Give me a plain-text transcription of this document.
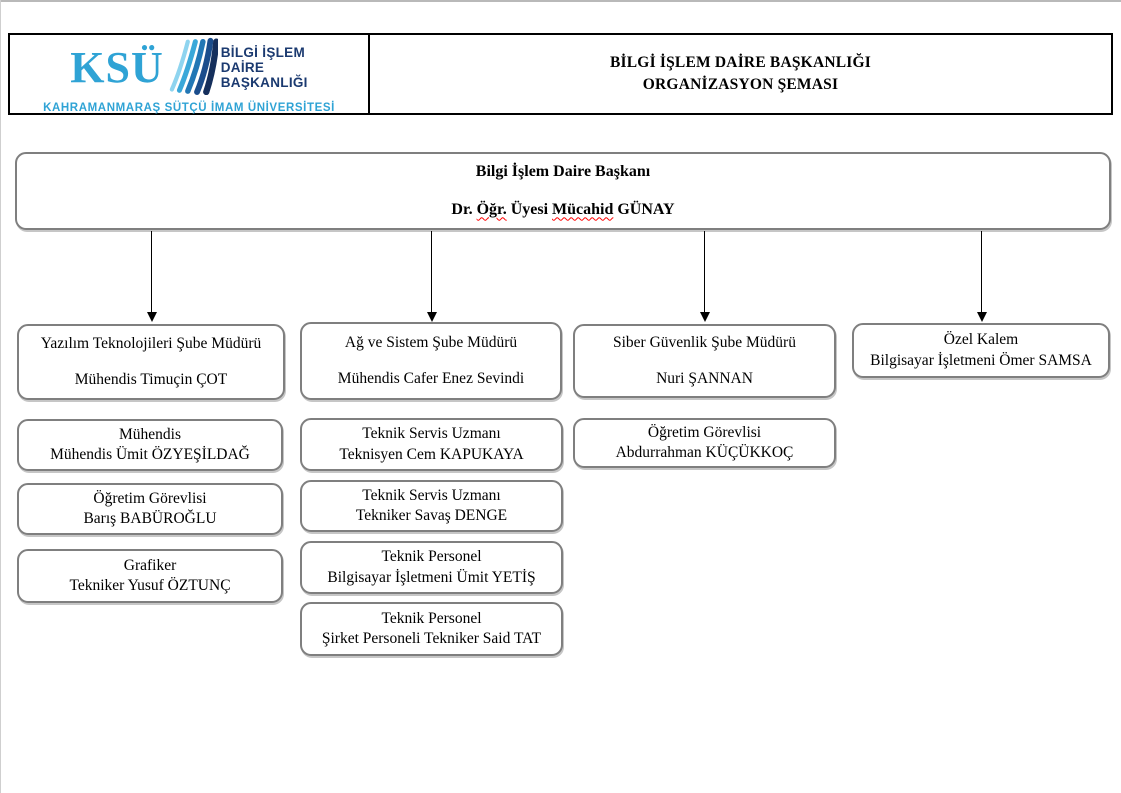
KSÜ	BİLGİ İŞLEM
DAİRE
BAŞKANLIĞI
KAHRAMANMARAŞ SÜTÇÜ İMAM ÜNİVERSİTESİ
BİLGİ İŞLEM DAİRE BAŞKANLIĞI
ORGANİZASYON ŞEMASI
Bilgi İşlem Daire Başkanı
Dr. Öğr. Üyesi Mücahid GÜNAY
Yazılım Teknolojileri Şube Müdürü
Mühendis Timuçin ÇOT
Mühendis
Mühendis Ümit ÖZYEŞİLDAĞ
Öğretim Görevlisi
Barış BABÜROĞLU
Grafiker
Tekniker Yusuf ÖZTUNÇ
Ağ ve Sistem Şube Müdürü
Mühendis Cafer Enez Sevindi
Teknik Servis Uzmanı
Teknisyen Cem KAPUKAYA
Teknik Servis Uzmanı
Tekniker Savaş DENGE
Teknik Personel
Bilgisayar İşletmeni Ümit YETİŞ
Teknik Personel
Şirket Personeli Tekniker Said TAT
Siber Güvenlik Şube Müdürü
Nuri ŞANNAN
Öğretim Görevlisi
Abdurrahman KÜÇÜKKOÇ
Özel Kalem
Bilgisayar İşletmeni Ömer SAMSA
